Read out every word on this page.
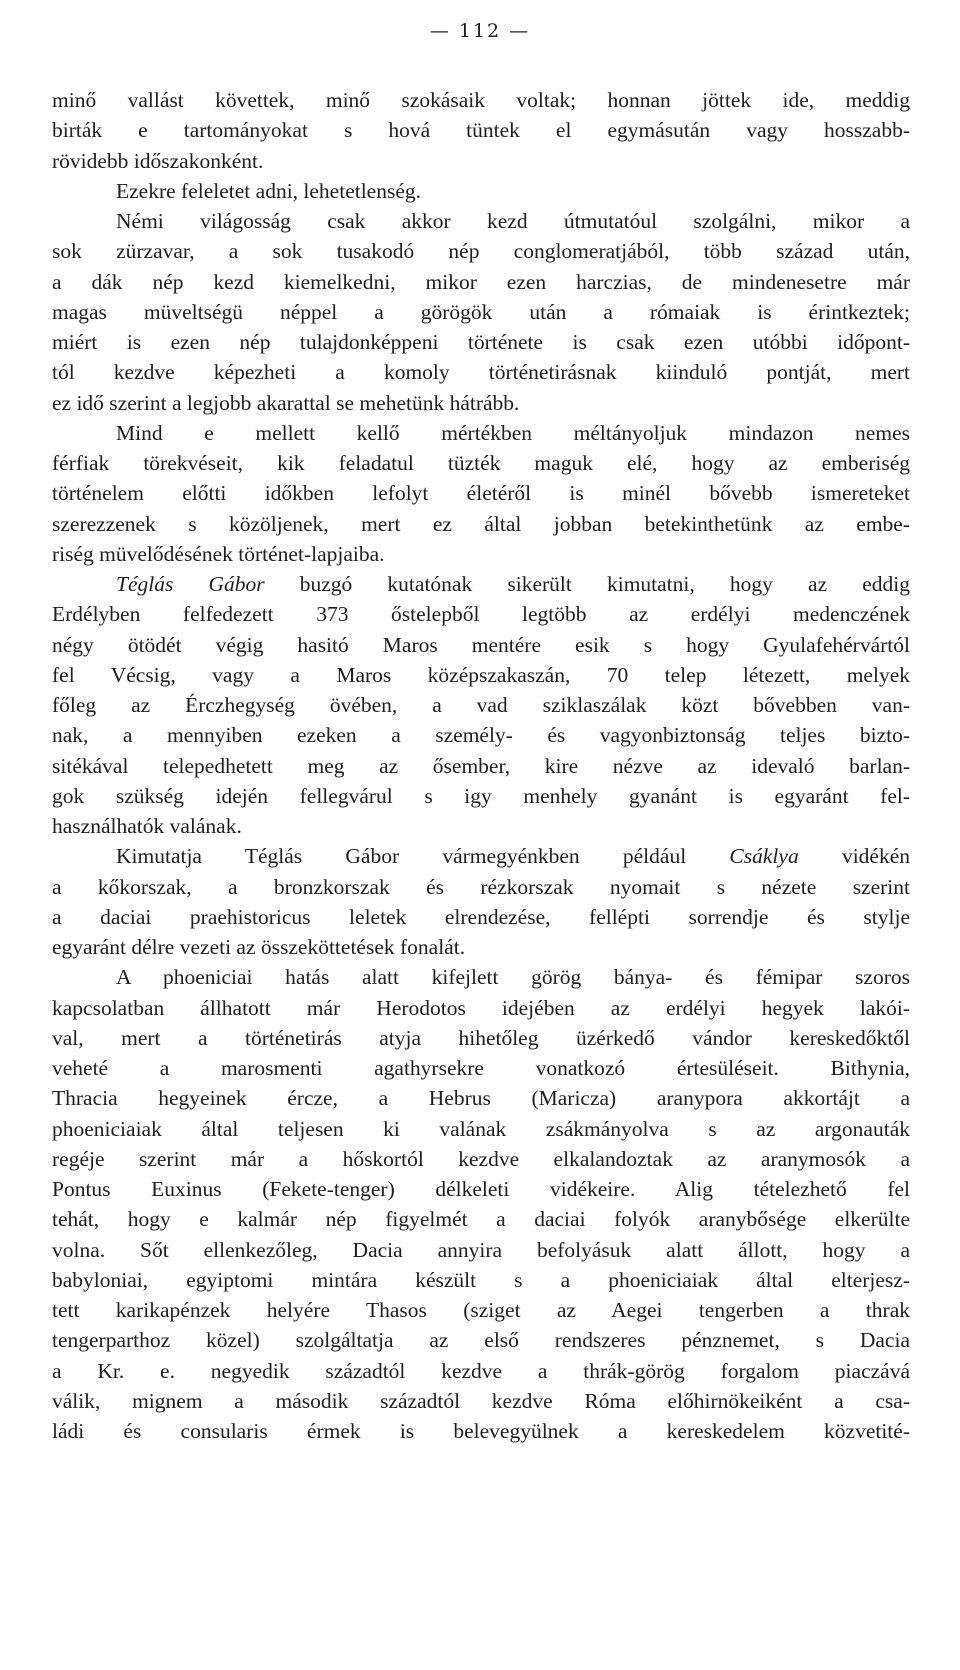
— 112 —
minő vallást követtek, minő szokásaik voltak; honnan jöttek ide, meddig
birták e tartományokat s hová tüntek el egymásután vagy hosszabb-
rövidebb időszakonként.
Ezekre feleletet adni, lehetetlenség.
Némi világosság csak akkor kezd útmutatóul szolgálni, mikor a
sok zürzavar, a sok tusakodó nép conglomeratjából, több század után,
a dák nép kezd kiemelkedni, mikor ezen harczias, de mindenesetre már
magas müveltségü néppel a görögök után a rómaiak is érintkeztek;
miért is ezen nép tulajdonképpeni története is csak ezen utóbbi időpont-
tól kezdve képezheti a komoly történetirásnak kiinduló pontját, mert
ez idő szerint a legjobb akarattal se mehetünk hátrább.
Mind e mellett kellő mértékben méltányoljuk mindazon nemes
férfiak törekvéseit, kik feladatul tüzték maguk elé, hogy az emberiség
történelem előtti időkben lefolyt életéről is minél bővebb ismereteket
szerezzenek s közöljenek, mert ez által jobban betekinthetünk az embe-
riség müvelődésének történet-lapjaiba.
Téglás Gábor buzgó kutatónak sikerült kimutatni, hogy az eddig
Erdélyben felfedezett 373 őstelepből legtöbb az erdélyi medenczének
négy ötödét végig hasitó Maros mentére esik s hogy Gyulafehérvártól
fel Vécsig, vagy a Maros középszakaszán, 70 telep létezett, melyek
főleg az Érczhegység övében, a vad sziklaszálak közt bővebben van-
nak, a mennyiben ezeken a személy- és vagyonbiztonság teljes bizto-
sitékával telepedhetett meg az ősember, kire nézve az idevaló barlan-
gok szükség idején fellegvárul s igy menhely gyanánt is egyaránt fel-
használhatók valának.
Kimutatja Téglás Gábor vármegyénkben például Csáklya vidékén
a kőkorszak, a bronzkorszak és rézkorszak nyomait s nézete szerint
a daciai praehistoricus leletek elrendezése, fellépti sorrendje és stylje
egyaránt délre vezeti az összeköttetések fonalát.
A phoeniciai hatás alatt kifejlett görög bánya- és fémipar szoros
kapcsolatban állhatott már Herodotos idejében az erdélyi hegyek lakói-
val, mert a történetirás atyja hihetőleg üzérkedő vándor kereskedőktől
veheté a marosmenti agathyrsekre vonatkozó értesüléseit. Bithynia,
Thracia hegyeinek ércze, a Hebrus (Maricza) aranypora akkortájt a
phoeniciaiak által teljesen ki valának zsákmányolva s az argonauták
regéje szerint már a hőskortól kezdve elkalandoztak az aranymosók a
Pontus Euxinus (Fekete-tenger) délkeleti vidékeire. Alig tételezhető fel
tehát, hogy e kalmár nép figyelmét a daciai folyók aranybősége elkerülte
volna. Sőt ellenkezőleg, Dacia annyira befolyásuk alatt állott, hogy a
babyloniai, egyiptomi mintára készült s a phoeniciaiak által elterjesz-
tett karikapénzek helyére Thasos (sziget az Aegei tengerben a thrak
tengerparthoz közel) szolgáltatja az első rendszeres pénznemet, s Dacia
a Kr. e. negyedik századtól kezdve a thrák-görög forgalom piaczává
válik, mignem a második századtól kezdve Róma előhirnökeiként a csa-
ládi és consularis érmek is belevegyülnek a kereskedelem közvetité-
